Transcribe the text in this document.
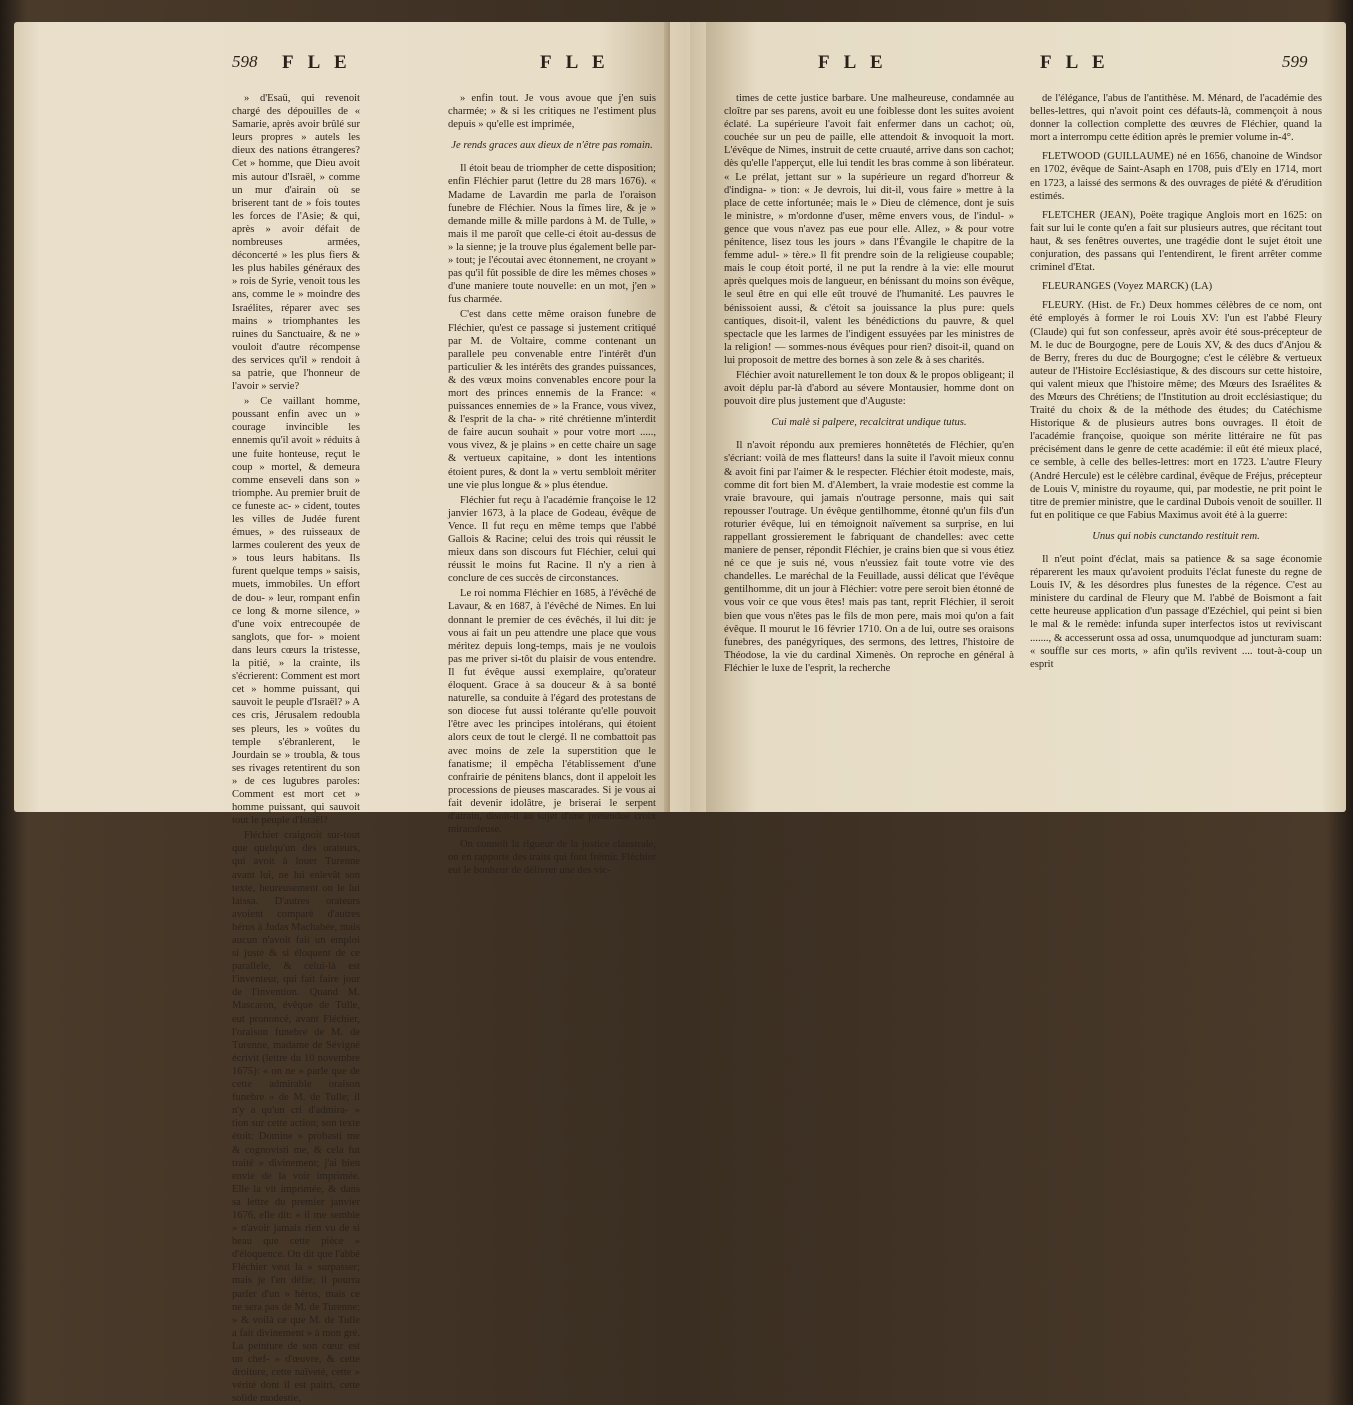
598 F L E	F L E

» d'Esaü, qui revenoit chargé des dépouilles de « Samarie, après avoir brûlé sur leurs propres » autels les dieux des nations étrangeres? Cet » homme, que Dieu avoit mis autour d'Israël, » comme un mur d'airain où se briserent tant de » fois toutes les forces de l'Asie; & qui, après » avoir défait de nombreuses armées, déconcerté » les plus fiers & les plus habiles généraux des » rois de Syrie, venoit tous les ans, comme le » moindre des Israélites, réparer avec ses mains » triomphantes les ruines du Sanctuaire, & ne » vouloit d'autre récompense des services qu'il » rendoit à sa patrie, que l'honneur de l'avoir » servie?

» Ce vaillant homme, poussant enfin avec un » courage invincible les ennemis qu'il avoit » réduits à une fuite honteuse, reçut le coup » mortel, & demeura comme enseveli dans son » triomphe. Au premier bruit de ce funeste ac- » cident, toutes les villes de Judée furent émues, » des ruisseaux de larmes coulerent des yeux de » tous leurs habitans. Ils furent quelque temps » saisis, muets, immobiles. Un effort de dou- » leur, rompant enfin ce long & morne silence, » d'une voix entrecoupée de sanglots, que for- » moient dans leurs cœurs la tristesse, la pitié, » la crainte, ils s'écrierent: Comment est mort cet » homme puissant, qui sauvoit le peuple d'Israël? » A ces cris, Jérusalem redoubla ses pleurs, les » voûtes du temple s'ébranlerent, le Jourdain se » troubla, & tous ses rivages retentirent du son » de ces lugubres paroles: Comment est mort cet » homme puissant, qui sauvoit tout le peuple d'Israël?

Fléchier craignoit sur-tout que quelqu'un des orateurs, qui avoit à louer Turenne avant lui, ne lui enlevât son texte, heureusement on le lui laissa. D'autres orateurs avoient comparé d'autres héros à Judas Machabée, mais aucun n'avoit fait un emploi si juste & si éloquent de ce parallele, & celui-là est l'inventeur, qui fait faire jour de l'invention. Quand M. Mascaron, évêque de Tulle, eut prononcé, avant Fléchier, l'oraison funebre de M. de Turenne, madame de Sévigné écrivit (lettre du 10 novembre 1675): « on ne » parle que de cette admirable oraison funebre » de M. de Tulle; il n'y a qu'un cri d'admira- » tion sur cette action; son texte étoit: Domine » probasti me & cognovisti me, & cela fut traité » divinement; j'ai bien envie de la voir imprimée. Elle la vit imprimée, & dans sa lettre du premier janvier 1676, elle dit: « il me semble » n'avoir jamais rien vu de si beau que cette pièce » d'éloquence. On dit que l'abbé Fléchier veut la » surpasser; mais je l'en défie; il pourra parler d'un » héros, mais ce ne sera pas de M. de Turenne; » & voilà ce que M. de Tulle a fait divinement » à mon gré. La peinture de son cœur est un chef- » d'œuvre, & cette droiture, cette naïveté, cette » vérité dont il est paitri, cette solide modestie,

F L E	F L E	599

times de cette justice barbare. Une malheureuse, condamnée au cloître par ses parens, avoit eu une foiblesse dont les suites avoient éclaté. La supérieure l'avoit fait enfermer dans un cachot; où, couchée sur un peu de paille, elle attendoit & invoquoit la mort. L'évêque de Nimes, instruit de cette cruauté, arrive dans son cachot; dès qu'elle l'apperçut, elle lui tendit les bras comme à son libérateur. « Le prélat, jettant sur » la supérieure un regard d'horreur & d'indigna- » tion: « Je devrois, lui dit-il, vous faire » mettre à la place de cette infortunée; mais le » Dieu de clémence, dont je suis le ministre, » m'ordonne d'user, même envers vous, de l'indul- » gence que vous n'avez pas eue pour elle. Allez, » & pour votre pénitence, lisez tous les jours » dans l'Évangile le chapitre de la femme adul- » tère.» Il fit prendre soin de la religieuse coupable; mais le coup étoit porté, il ne put la rendre à la vie: elle mourut après quelques mois de langueur, en bénissant du moins son évêque, le seul être en qui elle eût trouvé de l'humanité. Les pauvres le bénissoient aussi, & c'étoit sa jouissance la plus pure: quels cantiques, disoit-il, valent les bénédictions du pauvre, & quel spectacle que les larmes de l'indigent essuyées par les ministres de la religion! — sommes-nous évêques pour rien? disoit-il, quand on lui proposoit de mettre des bornes à son zele & à ses charités.

Fléchier avoit naturellement le ton doux & le propos obligeant; il avoit déplu par-là d'abord au sévere Montausier, homme dont on pouvoit dire plus justement que d'Auguste:

Cui malè si palpere, recalcitrat undique tutus.

Il n'avoit répondu aux premieres honnêtetés de Fléchier, qu'en s'écriant: voilà de mes flatteurs! dans la suite il l'avoit mieux connu & avoit fini par l'aimer & le respecter. Fléchier étoit modeste, mais, comme dit fort bien M. d'Alembert, la vraie modestie est comme la vraie bravoure, qui jamais n'outrage personne, mais qui sait repousser l'outrage. Un évêque gentilhomme, étonné qu'un fils d'un roturier évêque, lui en témoignoit naïvement sa surprise, en lui rappellant grossierement le fabriquant de chandelles: avec cette maniere de penser, répondit Fléchier, je crains bien que si vous étiez né ce que je suis né, vous n'eussiez fait toute votre vie des chandelles. Le maréchal de la Feuillade, aussi délicat que l'évêque gentilhomme, dit un jour à Fléchier: votre pere seroit bien étonné de vous voir ce que vous êtes! mais pas tant, reprit Fléchier, il seroit bien que vous n'êtes pas le fils de mon pere, mais moi qu'on a fait évêque. Il mourut le 16 février 1710. On a de lui, outre ses oraisons funebres, des panégyriques, des sermons, des lettres, l'histoire de Théodose, la vie du cardinal Ximenès. On reproche en général à Fléchier le luxe de l'esprit, la recherche

de l'élégance, l'abus de l'antithèse. M. Ménard, de l'académie des belles-lettres, qui n'avoit point ces défauts-là, commençoit à nous donner la collection complette des œuvres de Fléchier, quand la mort a interrompu cette édition après le premier volume in-4°.

FLETWOOD (GUILLAUME) né en 1656, chanoine de Windsor en 1702, évêque de Saint-Asaph en 1708, puis d'Ely en 1714, mort en 1723, a laissé des sermons & des ouvrages de piété & d'érudition estimés.

FLETCHER (JEAN), Poëte tragique Anglois mort en 1625: on fait sur lui le conte qu'en a fait sur plusieurs autres, que récitant tout haut, & ses fenêtres ouvertes, une tragédie dont le sujet étoit une conjuration, des passans qui l'entendirent, le firent arrêter comme criminel d'Etat.

FLEURANGES (Voyez MARCK) (LA)

FLEURY. (Hist. de Fr.) Deux hommes célèbres de ce nom, ont été employés à former le roi Louis XV: l'un est l'abbé Fleury (Claude) qui fut son confesseur, après avoir été sous-précepteur de M. le duc de Bourgogne, pere de Louis XV, & des ducs d'Anjou & de Berry, freres du duc de Bourgogne; c'est le célèbre & vertueux auteur de l'Histoire Ecclésiastique, & des discours sur cette histoire, qui valent mieux que l'histoire même; des Mœurs des Israélites & des Mœurs des Chrétiens; de l'Institution au droit ecclésiastique; du Traité du choix & de la méthode des études; du Catéchisme Historique & de plusieurs autres bons ouvrages. Il étoit de l'académie françoise, quoique son mérite littéraire ne fût pas précisément dans le genre de cette académie: il eût été mieux placé, ce semble, à celle des belles-lettres: mort en 1723. L'autre Fleury (André Hercule) est le célèbre cardinal, évêque de Fréjus, précepteur de Louis V, ministre du royaume, qui, par modestie, ne prit point le titre de premier ministre, que le cardinal Dubois venoit de souiller. Il fut en politique ce que Fabius Maximus avoit été à la guerre:

Unus qui nobis cunctando restituit rem.

Il n'eut point d'éclat, mais sa patience & sa sage économie réparerent les maux qu'avoient produits l'éclat funeste du regne de Louis IV, & les désordres plus funestes de la régence. C'est au ministere du cardinal de Fleury que M. l'abbé de Boismont a fait cette heureuse application d'un passage d'Ezéchiel, qui peint si bien le mal & le remède: infunda super interfectos istos ut reviviscant ......., & accesserunt ossa ad ossa, unumquodque ad juncturam suam: « souffle sur ces morts, » afin qu'ils revivent .... tout-à-coup un esprit

» enfin tout. Je vous avoue que j'en suis charmée; » & si les critiques ne l'estiment plus depuis » qu'elle est imprimée,

Je rends graces aux dieux de n'être pas romain.

Il étoit beau de triompher de cette disposition; enfin Fléchier parut (lettre du 28 mars 1676). « Madame de Lavardin me parla de l'oraison funebre de Fléchier. Nous la fîmes lire, & je » demande mille & mille pardons à M. de Tulle, » mais il me paroît que celle-ci étoit au-dessus de » la sienne; je la trouve plus également belle par- » tout; je l'écoutai avec étonnement, ne croyant » pas qu'il fût possible de dire les mêmes choses » d'une maniere toute nouvelle: en un mot, j'en » fus charmée.

C'est dans cette même oraison funebre de Fléchier, qu'est ce passage si justement critiqué par M. de Voltaire, comme contenant un parallele peu convenable entre l'intérêt d'un particulier & les intérêts des grandes puissances, & des vœux moins convenables encore pour la mort des princes ennemis de la France: « puissances ennemies de » la France, vous vivez, & l'esprit de la cha- » rité chrétienne m'interdit de faire aucun souhait » pour votre mort ....., vous vivez, & je plains » en cette chaire un sage & vertueux capitaine, » dont les intentions étoient pures, & dont la » vertu sembloit mériter une vie plus longue & » plus étendue.

Fléchier fut reçu à l'académie françoise le 12 janvier 1673, à la place de Godeau, évêque de Vence. Il fut reçu en même temps que l'abbé Gallois & Racine; celui des trois qui réussit le mieux dans son discours fut Fléchier, celui qui réussit le moins fut Racine. Il n'y a rien à conclure de ces succès de circonstances.

Le roi nomma Fléchier en 1685, à l'évêché de Lavaur, & en 1687, à l'évêché de Nimes. En lui donnant le premier de ces évêchés, il lui dit: je vous ai fait un peu attendre une place que vous méritez depuis long-temps, mais je ne voulois pas me priver si-tôt du plaisir de vous entendre. Il fut évêque aussi exemplaire, qu'orateur éloquent. Grace à sa douceur & à sa bonté naturelle, sa conduite à l'égard des protestans de son diocese fut aussi tolérante qu'elle pouvoit l'être avec les principes intolérans, qui étoient alors ceux de tout le clergé. Il ne combattoit pas avec moins de zele la superstition que le fanatisme; il empêcha l'établissement d'une confrairie de pénitens blancs, dont il appeloit les processions de pieuses mascarades. Si je vous ai fait devenir idolâtre, je briserai le serpent d'airain, disoit-il au sujet d'une prétendue croix miraculeuse.

On connoît la rigueur de la justice claustrale, on en rapporte des traits qui font frémir. Fléchier eut le bonheur de délivrer une des vic-
